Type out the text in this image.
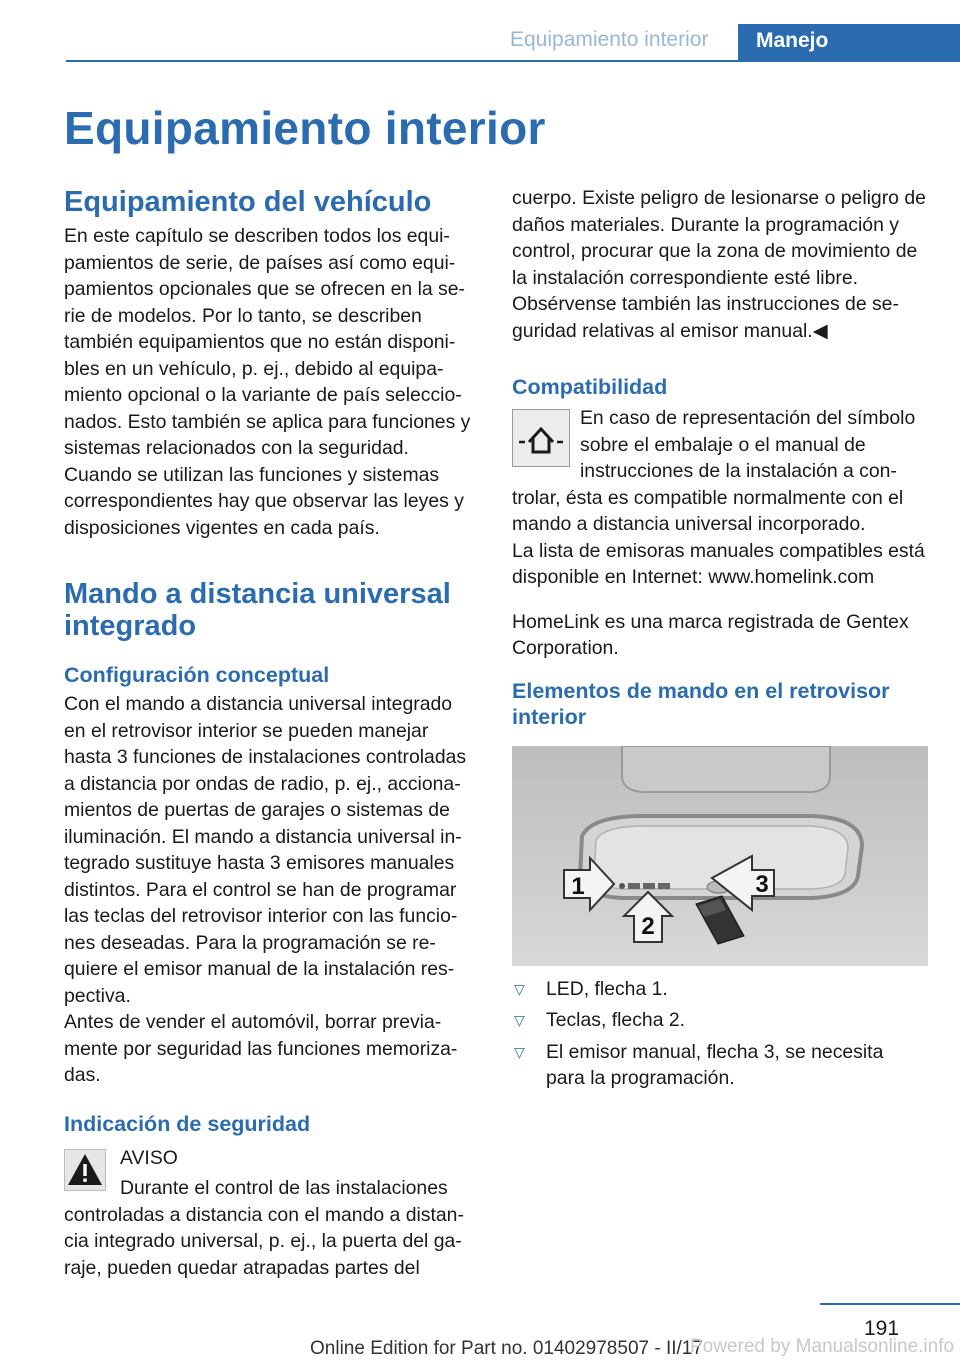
Equipamiento interior Manejo
Equipamiento interior
Equipamiento del vehículo

En este capítulo se describen todos los equi‐pamientos de serie, de países así como equi‐pamientos opcionales que se ofrecen en la se‐rie de modelos. Por lo tanto, se describen también equipamientos que no están disponi‐bles en un vehículo, p. ej., debido al equipa‐miento opcional o la variante de país seleccio‐nados. Esto también se aplica para funciones y sistemas relacionados con la seguridad. Cuando se utilizan las funciones y sistemas correspondientes hay que observar las leyes y disposiciones vigentes en cada país.

Mando a distancia universal integrado
Configuración conceptual

Con el mando a distancia universal integrado en el retrovisor interior se pueden manejar hasta 3 funciones de instalaciones controladas a distancia por ondas de radio, p. ej., acciona‐mientos de puertas de garajes o sistemas de iluminación. El mando a distancia universal in‐tegrado sustituye hasta 3 emisores manuales distintos. Para el control se han de programar las teclas del retrovisor interior con las funcio‐nes deseadas. Para la programación se re‐quiere el emisor manual de la instalación res‐pectiva.

Antes de vender el automóvil, borrar previa‐mente por seguridad las funciones memoriza‐das.

Indicación de seguridad
AVISO
Durante el control de las instalaciones controladas a distancia con el mando a distan‐cia integrado universal, p. ej., la puerta del ga‐raje, pueden quedar atrapadas partes del

cuerpo. Existe peligro de lesionarse o peligro de daños materiales. Durante la programación y control, procurar que la zona de movimiento de la instalación correspondiente esté libre. Obsérvense también las instrucciones de se‐guridad relativas al emisor manual.◀

Compatibilidad
En caso de representación del símbolo sobre el embalaje o el manual de instrucciones de la instalación a con‐trolar, ésta es compatible normalmente con el mando a distancia universal incorporado.

La lista de emisoras manuales compatibles está disponible en Internet: www.homelink.com

HomeLink es una marca registrada de Gentex Corporation.

Elementos de mando en el retrovisor interior
1
2
3
▽ LED, flecha 1.
▽ Teclas, flecha 2.
▽ El emisor manual, flecha 3, se necesita para la programación.
191
Online Edition for Part no. 01402978507 - II/17
Powered by Manualsonline.info
